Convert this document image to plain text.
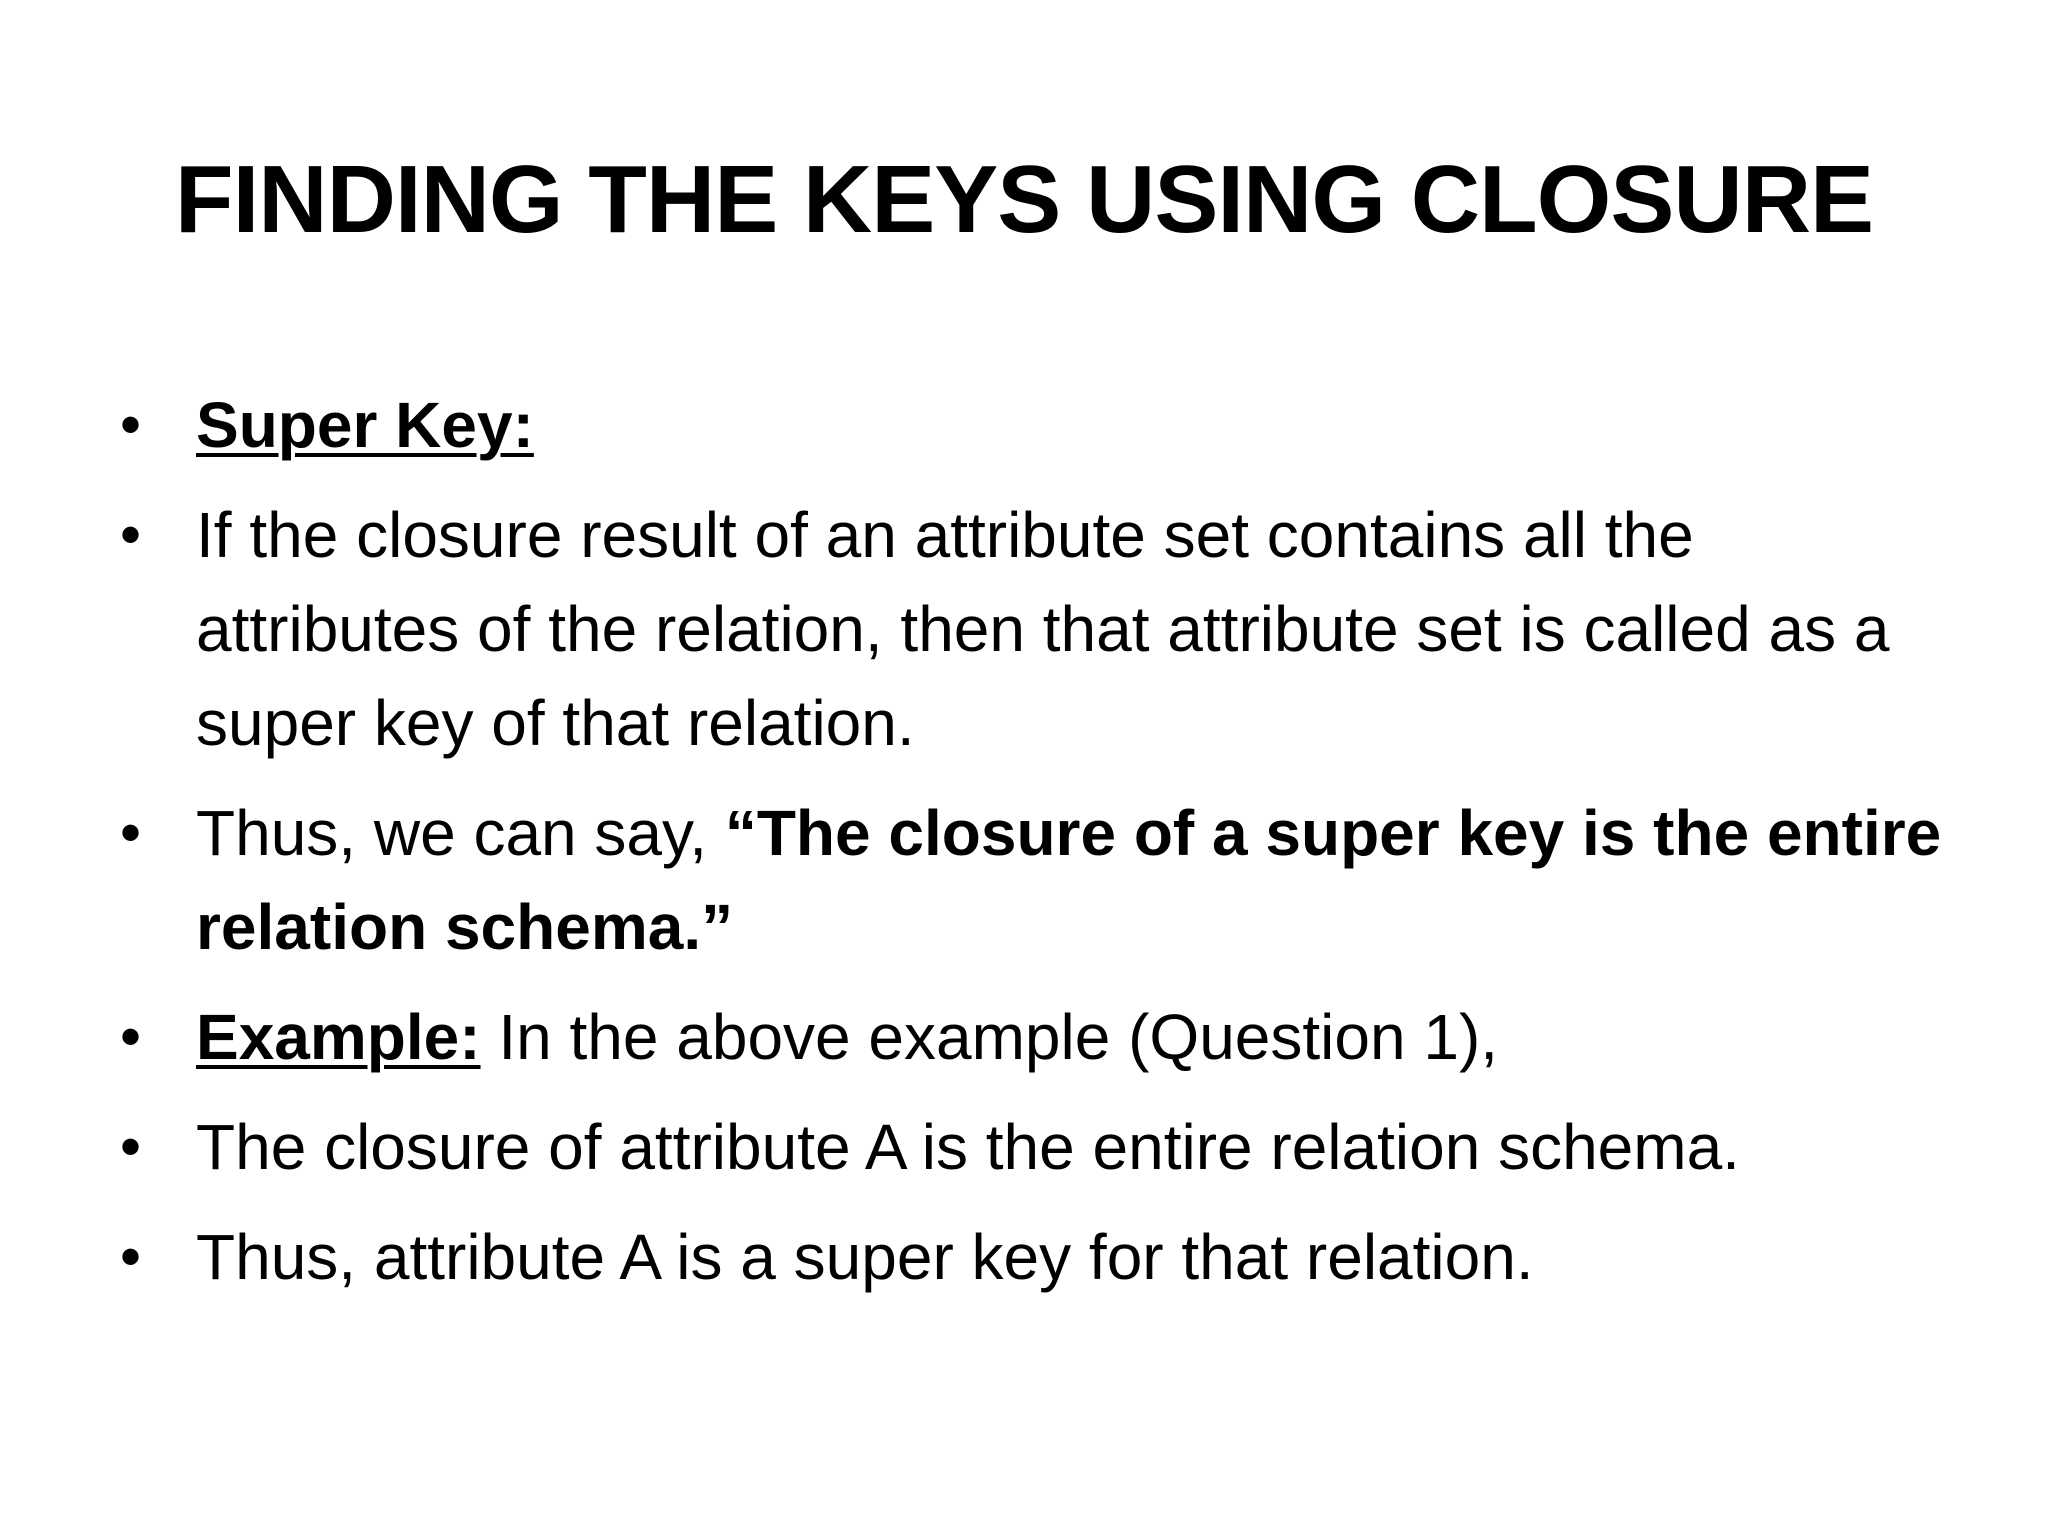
FINDING THE KEYS USING CLOSURE
• Super Key:
• If the closure result of an attribute set contains all the attributes of the relation, then that attribute set is called as a super key of that relation.
• Thus, we can say, “The closure of a super key is the entire relation schema.”
• Example: In the above example (Question 1),
• The closure of attribute A is the entire relation schema.
• Thus, attribute A is a super key for that relation.
